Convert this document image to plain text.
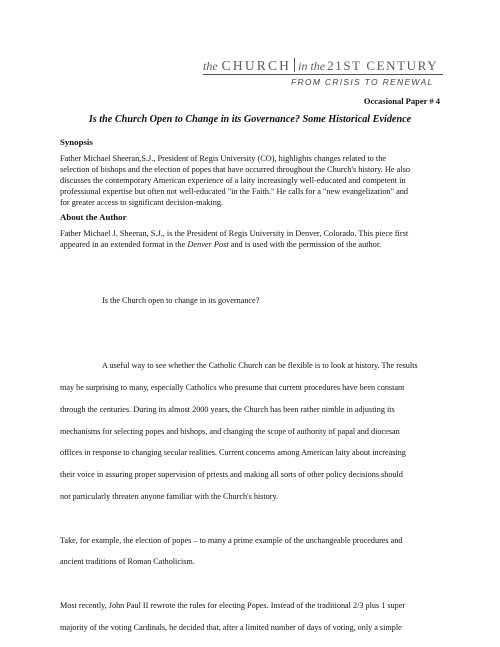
the CHURCH in the 21ST CENTURY
FROM CRISIS TO RENEWAL
Occasional Paper # 4
Is the Church Open to Change in its Governance? Some Historical Evidence
Synopsis
Father Michael Sheeran,S.J., President of Regis University (CO), highlights changes related to the
selection of bishops and the election of popes that have occurred throughout the Church's history. He also
discusses the contemporary American experience of a laity increasingly well-educated and competent in
professional expertise but often not well-educated "in the Faith." He calls for a "new evangelization" and
for greater access to significant decision-making.
About the Author
Father Michael J. Sheeran, S.J., is the President of Regis University in Denver, Colorado. This piece first
appeared in an extended format in the Denver Post and is used with the permission of the author.
Is the Church open to change in its governance?
A useful way to see whether the Catholic Church can be flexible is to look at history. The results
may be surprising to many, especially Catholics who presume that current procedures have been constant
through the centuries. During its almost 2000 years, the Church has been rather nimble in adjusting its
mechanisms for selecting popes and bishops, and changing the scope of authority of papal and diocesan
offices in response to changing secular realities. Current concerns among American laity about increasing
their voice in assuring proper supervision of priests and making all sorts of other policy decisions should
not particularly threaten anyone familiar with the Church's history.
Take, for example, the election of popes – to many a prime example of the unchangeable procedures and
ancient traditions of Roman Catholicism.
Most recently, John Paul II rewrote the rules for electing Popes. Instead of the traditional 2/3 plus 1 super
majority of the voting Cardinals, he decided that, after a limited number of days of voting, only a simple
